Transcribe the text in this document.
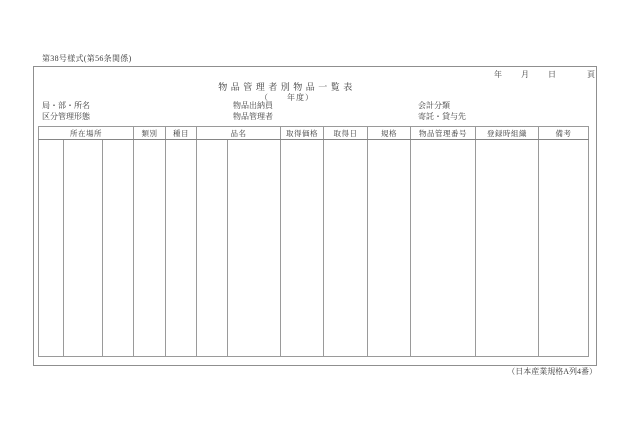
第38号様式(第56条関係)
年 月 日	頁
物品管理者別物品一覧表
（　　年度）
局・部・所名
区分管理形態
物品出納員
物品管理者
会計分類
寄託・貸与先
所在場所			類別	種目	品名		取得価格	取得日	規格	物品管理番号	登録時組織	備考

（日本産業規格A列4番）
